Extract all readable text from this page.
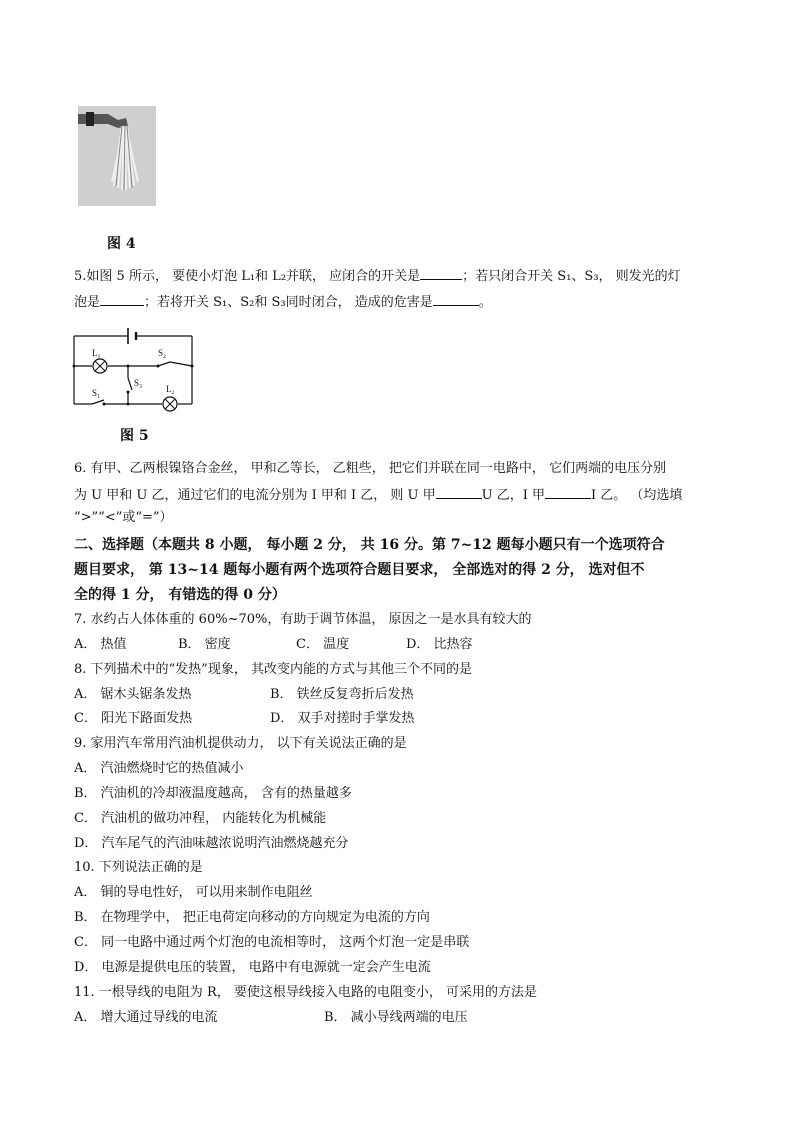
图 4
5.如图 5 所示， 要使小灯泡 L₁和 L₂并联， 应闭合的开关是	；若只闭合开关 S₁、S₃， 则发光的灯
泡是	；若将开关 S₁、S₂和 S₃同时闭合， 造成的危害是	。
L₁	S₂
S₃
S₁	L₂
图 5
6. 有甲、乙两根镍铬合金丝， 甲和乙等长， 乙粗些， 把它们并联在同一电路中， 它们两端的电压分别
为 U 甲和 U 乙，通过它们的电流分别为 I 甲和 I 乙， 则 U 甲	U 乙，I 甲	I 乙。 （均选填
“>”“<”或“=”）
二、选择题（本题共 8 小题， 每小题 2 分， 共 16 分。第 7~12 题每小题只有一个选项符合
题目要求， 第 13~14 题每小题有两个选项符合题目要求， 全部选对的得 2 分， 选对但不
全的得 1 分， 有错选的得 0 分）
7. 水约占人体体重的 60%~70%，有助于调节体温， 原因之一是水具有较大的
A． 热值	B． 密度	C． 温度	D． 比热容
8. 下列描术中的“发热”现象， 其改变内能的方式与其他三个不同的是
A． 锯木头锯条发热	B． 铁丝反复弯折后发热
C． 阳光下路面发热	D． 双手对搓时手掌发热
9. 家用汽车常用汽油机提供动力， 以下有关说法正确的是
A． 汽油燃烧时它的热值减小
B． 汽油机的冷却液温度越高， 含有的热量越多
C． 汽油机的做功冲程， 内能转化为机械能
D． 汽车尾气的汽油味越浓说明汽油燃烧越充分
10. 下列说法正确的是
A． 铜的导电性好， 可以用来制作电阻丝
B． 在物理学中， 把正电荷定向移动的方向规定为电流的方向
C． 同一电路中通过两个灯泡的电流相等时， 这两个灯泡一定是串联
D． 电源是提供电压的装置， 电路中有电源就一定会产生电流
11. 一根导线的电阻为 R， 要使这根导线接入电路的电阻变小， 可采用的方法是
A． 增大通过导线的电流	B． 减小导线两端的电压
